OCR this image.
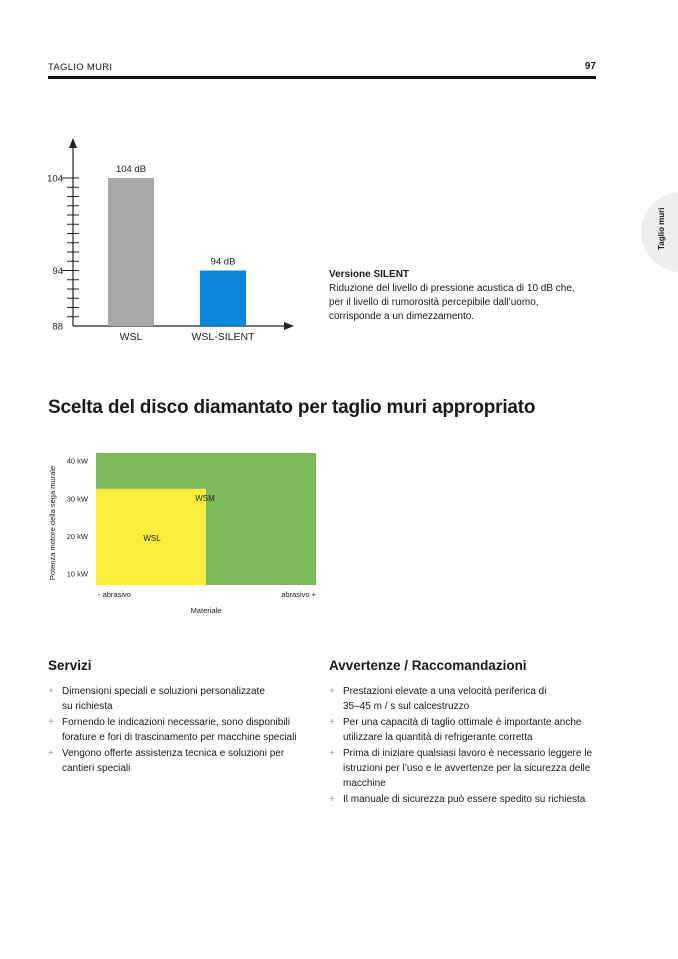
TAGLIO MURI	97
Taglio muri
104
94
88
104 dB
WSL
94 dB
WSL-SILENT
Versione SILENT
Riduzione del livello di pressione acustica di 10 dB che,
per il livello di rumorosità percepibile dall’uomo,
corrisponde a un dimezzamento.
Scelta del disco diamantato per taglio muri appropriato
WSM
WSL
40 kW
30 kW
20 kW
10 kW
- abrasivo	abrasivo +
Materiale
Potenza motore della sega murale
Servizi
+ Dimensioni speciali e soluzioni personalizzate
su richiesta
+ Fornendo le indicazioni necessarie, sono disponibili
forature e fori di trascinamento per macchine speciali
+ Vengono offerte assistenza tecnica e soluzioni per
cantieri speciali
Avvertenze / Raccomandazioni
+ Prestazioni elevate a una velocità periferica di
35–45 m / s sul calcestruzzo
+ Per una capacità di taglio ottimale è importante anche
utilizzare la quantità di refrigerante corretta
+ Prima di iniziare qualsiasi lavoro è necessario leggere le
istruzioni per l’uso e le avvertenze per la sicurezza delle
macchine
+ Il manuale di sicurezza può essere spedito su richiesta
